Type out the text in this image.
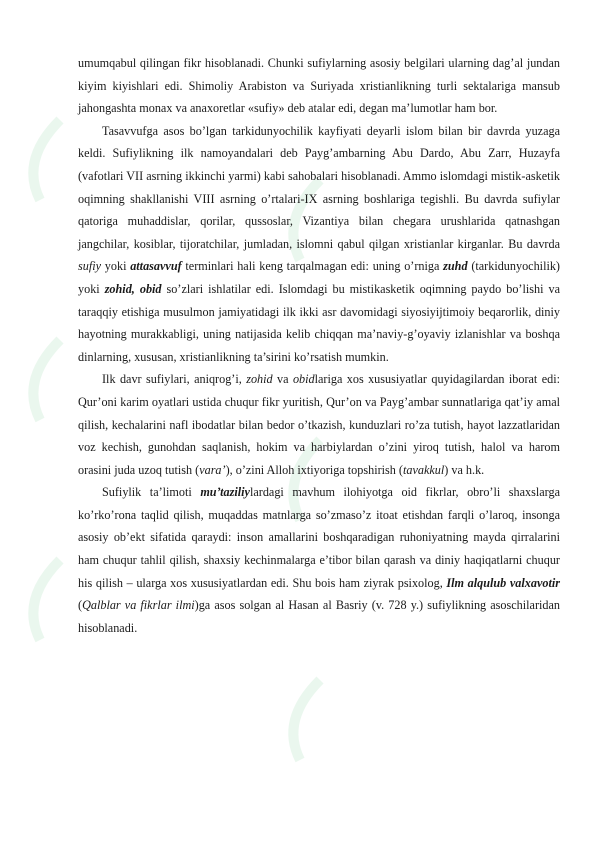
umumqabul qilingan fikr hisoblanadi. Chunki sufiylarning asosiy belgilari ularning dag’al jundan kiyim kiyishlari edi. Shimoliy Arabiston va Suriyada xristianlikning turli sektalariga mansub jahongashta monax va anaxoretlar «sufiy» deb atalar edi, degan ma’lumotlar ham bor.

Tasavvufga asos bo’lgan tarkidunyochilik kayfiyati deyarli islom bilan bir davrda yuzaga keldi. Sufiylikning ilk namoyandalari deb Payg’ambarning Abu Dardo, Abu Zarr, Huzayfa (vafotlari VII asrning ikkinchi yarmi) kabi sahobalari hisoblanadi. Ammo islomdagi mistik-asketik oqimning shakllanishi VIII asrning o’rtalari-IX asrning boshlariga tegishli. Bu davrda sufiylar qatoriga muhaddislar, qorilar, qussoslar, Vizantiya bilan chegara urushlarida qatnashgan jangchilar, kosiblar, tijoratchilar, jumladan, islomni qabul qilgan xristianlar kirganlar. Bu davrda sufiy yoki attasavvuf terminlari hali keng tarqalmagan edi: uning o’rniga zuhd (tarkidunyochilik) yoki zohid, obid so’zlari ishlatilar edi. Islomdagi bu mistikasketik oqimning paydo bo’lishi va taraqqiy etishiga musulmon jamiyatidagi ilk ikki asr davomidagi siyosiyijtimoiy beqarorlik, diniy hayotning murakkabligi, uning natijasida kelib chiqqan ma’naviy-g’oyaviy izlanishlar va boshqa dinlarning, xususan, xristianlikning ta’sirini ko’rsatish mumkin.

Ilk davr sufiylari, aniqrog’i, zohid va obidlariga xos xususiyatlar quyidagilardan iborat edi: Qur’oni karim oyatlari ustida chuqur fikr yuritish, Qur’on va Payg’ambar sunnatlariga qat’iy amal qilish, kechalarini nafl ibodatlar bilan bedor o’tkazish, kunduzlari ro’za tutish, hayot lazzatlaridan voz kechish, gunohdan saqlanish, hokim va harbiylardan o’zini yiroq tutish, halol va harom orasini juda uzoq tutish (vara’), o’zini Alloh ixtiyoriga topshirish (tavakkul) va h.k.

Sufiylik ta’limoti mu’taziliylardagi mavhum ilohiyotga oid fikrlar, obro’li shaxslarga ko’rko’rona taqlid qilish, muqaddas matnlarga so’zmaso’z itoat etishdan farqli o’laroq, insonga asosiy ob’ekt sifatida qaraydi: inson amallarini boshqaradigan ruhoniyatning mayda qirralarini ham chuqur tahlil qilish, shaxsiy kechinmalarga e’tibor bilan qarash va diniy haqiqatlarni chuqur his qilish – ularga xos xususiyatlardan edi. Shu bois ham ziyrak psixolog, Ilm alqulub valxavotir (Qalblar va fikrlar ilmi)ga asos solgan al Hasan al Basriy (v. 728 y.) sufiylikning asoschilaridan hisoblanadi.
